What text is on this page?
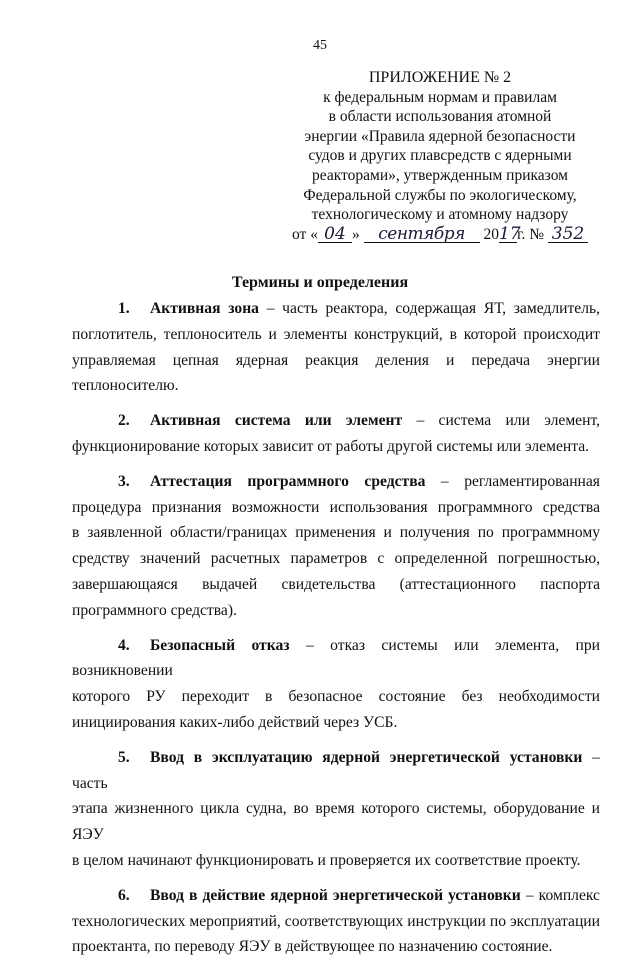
45
ПРИЛОЖЕНИЕ № 2
к федеральным нормам и правилам
в области использования атомной
энергии «Правила ядерной безопасности
судов и других плавсредств с ядерными
реакторами», утвержденным приказом
Федеральной службы по экологическому,
технологическому и атомному надзору
от « 04 » сентября 2017г. № 352
Термины и определения
1. Активная зона – часть реактора, содержащая ЯТ, замедлитель,
поглотитель, теплоноситель и элементы конструкций, в которой происходит
управляемая цепная ядерная реакция деления и передача энергии
теплоносителю.
2. Активная система или элемент – система или элемент,
функционирование которых зависит от работы другой системы или элемента.
3. Аттестация программного средства – регламентированная
процедура признания возможности использования программного средства
в заявленной области/границах применения и получения по программному
средству значений расчетных параметров с определенной погрешностью,
завершающаяся выдачей свидетельства (аттестационного паспорта
программного средства).
4. Безопасный отказ – отказ системы или элемента, при возникновении
которого РУ переходит в безопасное состояние без необходимости
инициирования каких-либо действий через УСБ.
5. Ввод в эксплуатацию ядерной энергетической установки – часть
этапа жизненного цикла судна, во время которого системы, оборудование и ЯЭУ
в целом начинают функционировать и проверяется их соответствие проекту.
6. Ввод в действие ядерной энергетической установки – комплекс
технологических мероприятий, соответствующих инструкции по эксплуатации
проектанта, по переводу ЯЭУ в действующее по назначению состояние.
